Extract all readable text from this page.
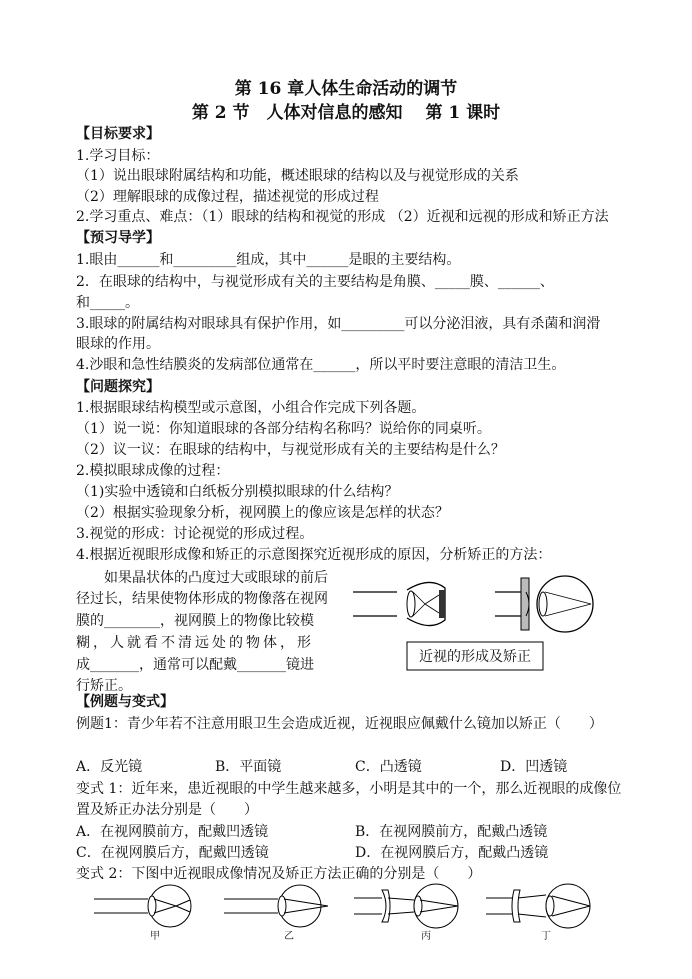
第 16 章人体生命活动的调节
第 2 节　人体对信息的感知　 第 1 课时
【目标要求】
1.学习目标：
（1）说出眼球附属结构和功能，概述眼球的结构以及与视觉形成的关系
（2）理解眼球的成像过程，描述视觉的形成过程
2.学习重点、难点：（1）眼球的结构和视觉的形成 （2）近视和远视的形成和矫正方法
【预习导学】
1.眼由______和_________组成，其中______是眼的主要结构。
2．在眼球的结构中，与视觉形成有关的主要结构是角膜、_____膜、______、
和_____。
3.眼球的附属结构对眼球具有保护作用，如_________可以分泌泪液，具有杀菌和润滑
眼球的作用。
4.沙眼和急性结膜炎的发病部位通常在______，所以平时要注意眼的清洁卫生。
【问题探究】
1.根据眼球结构模型或示意图，小组合作完成下列各题。
（1）说一说：你知道眼球的各部分结构名称吗？说给你的同桌听。
（2）议一议：在眼球的结构中，与视觉形成有关的主要结构是什么？
2.模拟眼球成像的过程：
（1)实验中透镜和白纸板分别模拟眼球的什么结构？
（2）根据实验现象分析，视网膜上的像应该是怎样的状态？
3.视觉的形成：讨论视觉的形成过程。
4.根据近视眼形成像和矫正的示意图探究近视形成的原因，分析矫正的方法：
　　如果晶状体的凸度过大或眼球的前后
径过长，结果使物体形成的物像落在视网
膜的________，视网膜上的物像比较模
糊，人就看不清远处的物体，形
成_______，通常可以配戴_______镜进
行矫正。
近视的形成及矫正
【例题与变式】
例题1：青少年若不注意用眼卫生会造成近视，近视眼应佩戴什么镜加以矫正（　　）
A．反光镜	B．平面镜	C．凸透镜	D．凹透镜
变式 1：近年来，患近视眼的中学生越来越多，小明是其中的一个，那么近视眼的成像位
置及矫正办法分别是（　　）
A．在视网膜前方，配戴凹透镜	B．在视网膜前方，配戴凸透镜
C．在视网膜后方，配戴凹透镜	D．在视网膜后方，配戴凸透镜
变式 2：下图中近视眼成像情况及矫正方法正确的分别是（　　）
甲	乙	丙	丁
